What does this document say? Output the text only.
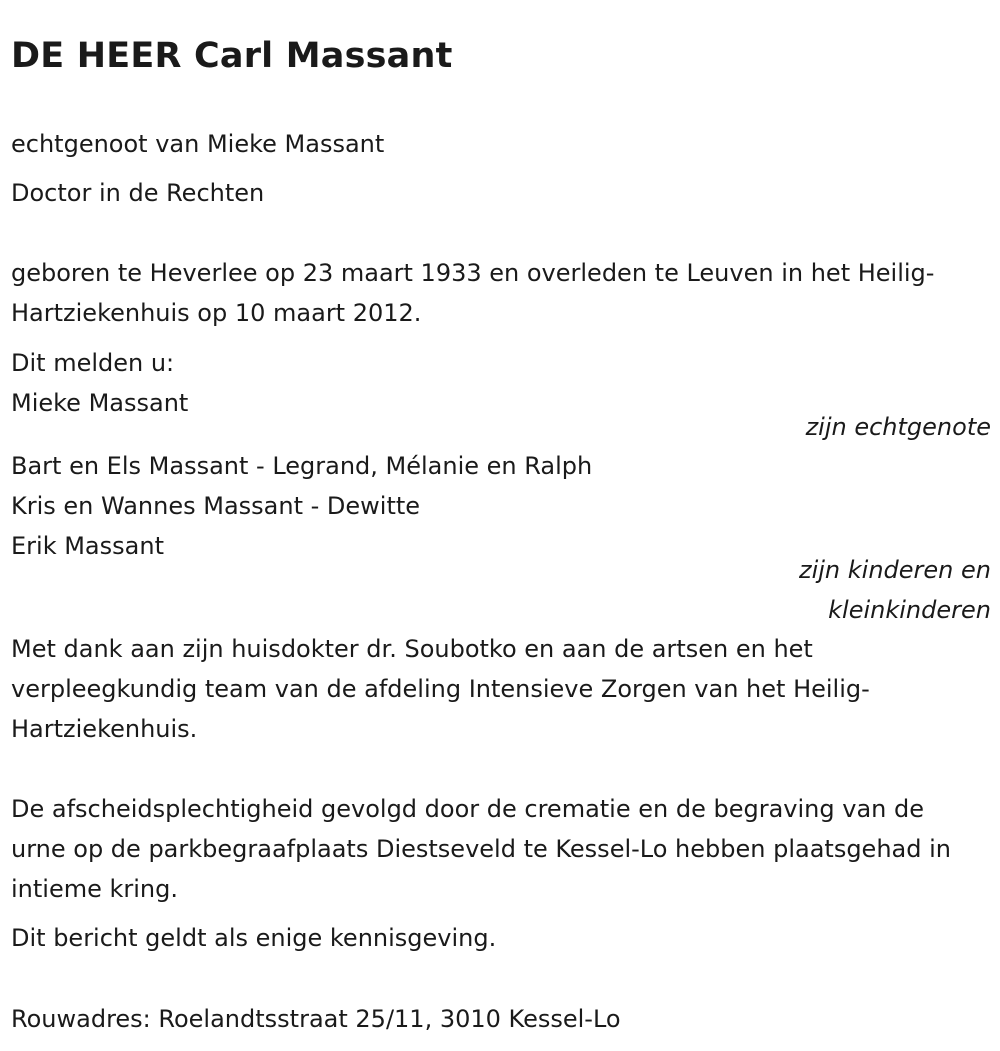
DE HEER Carl Massant

echtgenoot van Mieke Massant

Doctor in de Rechten

geboren te Heverlee op 23 maart 1933 en overleden te Leuven in het Heilig-Hartziekenhuis op 10 maart 2012.

Dit melden u:

Mieke Massant

zijn echtgenote

Bart en Els Massant - Legrand, Mélanie en Ralph

Kris en Wannes Massant - Dewitte

Erik Massant

zijn kinderen en

kleinkinderen

Met dank aan zijn huisdokter dr. Soubotko en aan de artsen en het verpleegkundig team van de afdeling Intensieve Zorgen van het Heilig-Hartziekenhuis.

De afscheidsplechtigheid gevolgd door de crematie en de begraving van de urne op de parkbegraafplaats Diestseveld te Kessel-Lo hebben plaatsgehad in intieme kring.

Dit bericht geldt als enige kennisgeving.

Rouwadres: Roelandtsstraat 25/11, 3010 Kessel-Lo
